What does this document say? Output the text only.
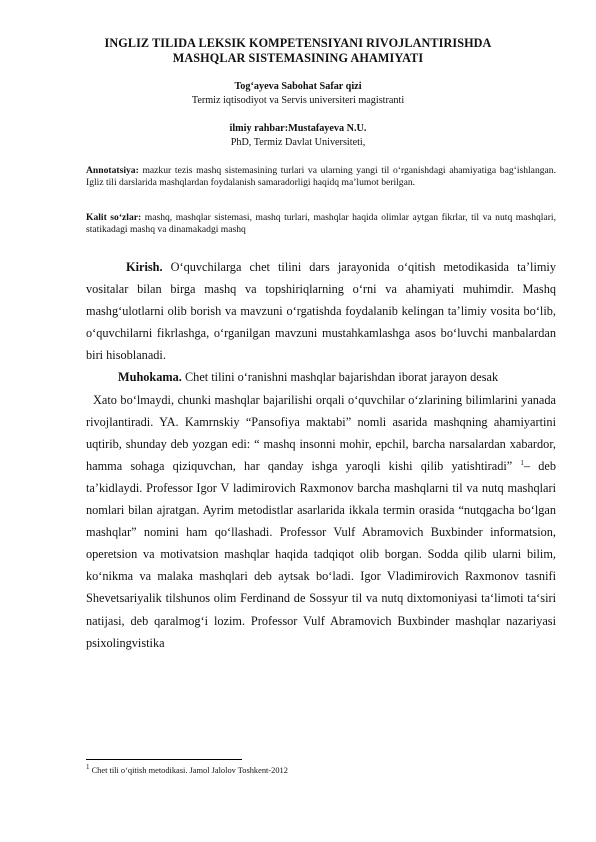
INGLIZ TILIDA LEKSIK KOMPETENSIYANI RIVOJLANTIRISHDA
MASHQLAR SISTEMASINING AHAMIYATI
Tog‘ayeva Sabohat Safar qizi
Termiz iqtisodiyot va Servis universiteri magistranti
ilmiy rahbar:Mustafayeva N.U.
PhD, Termiz Davlat Universiteti,
Annotatsiya: mazkur tezis mashq sistemasining turlari va ularning yangi til o‘rganishdagi ahamiyatiga bag‘ishlangan. Igliz tili darslarida mashqlardan foydalanish samaradorligi haqidq ma’lumot berilgan.
Kalit so‘zlar: mashq, mashqlar sistemasi, mashq turlari, mashqlar haqida olimlar aytgan fikrlar, til va nutq mashqlari, statikadagi mashq va dinamakadgi mashq

Kirish. O‘quvchilarga chet tilini dars jarayonida o‘qitish metodikasida ta’limiy vositalar bilan birga mashq va topshiriqlarning o‘rni va ahamiyati muhimdir. Mashq mashg‘ulotlarni olib borish va mavzuni o‘rgatishda foydalanib kelingan ta’limiy vosita bo‘lib, o‘quvchilarni fikrlashga, o‘rganilgan mavzuni mustahkamlashga asos bo‘luvchi manbalardan biri hisoblanadi.

Muhokama. Chet tilini o‘ranishni mashqlar bajarishdan iborat jarayon desak

Xato bo‘lmaydi, chunki mashqlar bajarilishi orqali o‘quvchilar o‘zlarining bilimlarini yanada rivojlantiradi. YA. Kamrnskiy “Pansofiya maktabi” nomli asarida mashqning ahamiyartini uqtirib, shunday deb yozgan edi: “ mashq insonni mohir, epchil, barcha narsalardan xabardor, hamma sohaga qiziquvchan, har qanday ishga yaroqli kishi qilib yatishtiradi” $^1$– deb ta’kidlaydi. Professor Igor V ladimirovich Raxmonov barcha mashqlarni til va nutq mashqlari nomlari bilan ajratgan. Ayrim metodistlar asarlarida ikkala termin orasida “nutqgacha bo‘lgan mashqlar” nomini ham qo‘llashadi. Professor Vulf Abramovich Buxbinder informatsion, operetsion va motivatsion mashqlar haqida tadqiqot olib borgan. Sodda qilib ularni bilim, ko‘nikma va malaka mashqlari deb aytsak bo‘ladi. Igor Vladimirovich Raxmonov tasnifi Shevetsariyalik tilshunos olim Ferdinand de Sossyur til va nutq dixtomoniyasi ta‘limoti ta‘siri natijasi, deb qaralmog‘i lozim. Professor Vulf Abramovich Buxbinder mashqlar nazariyasi psixolingvistika

$^1$ Chet tili o‘qitish metodikasi. Jamol Jalolov Toshkent-2012
